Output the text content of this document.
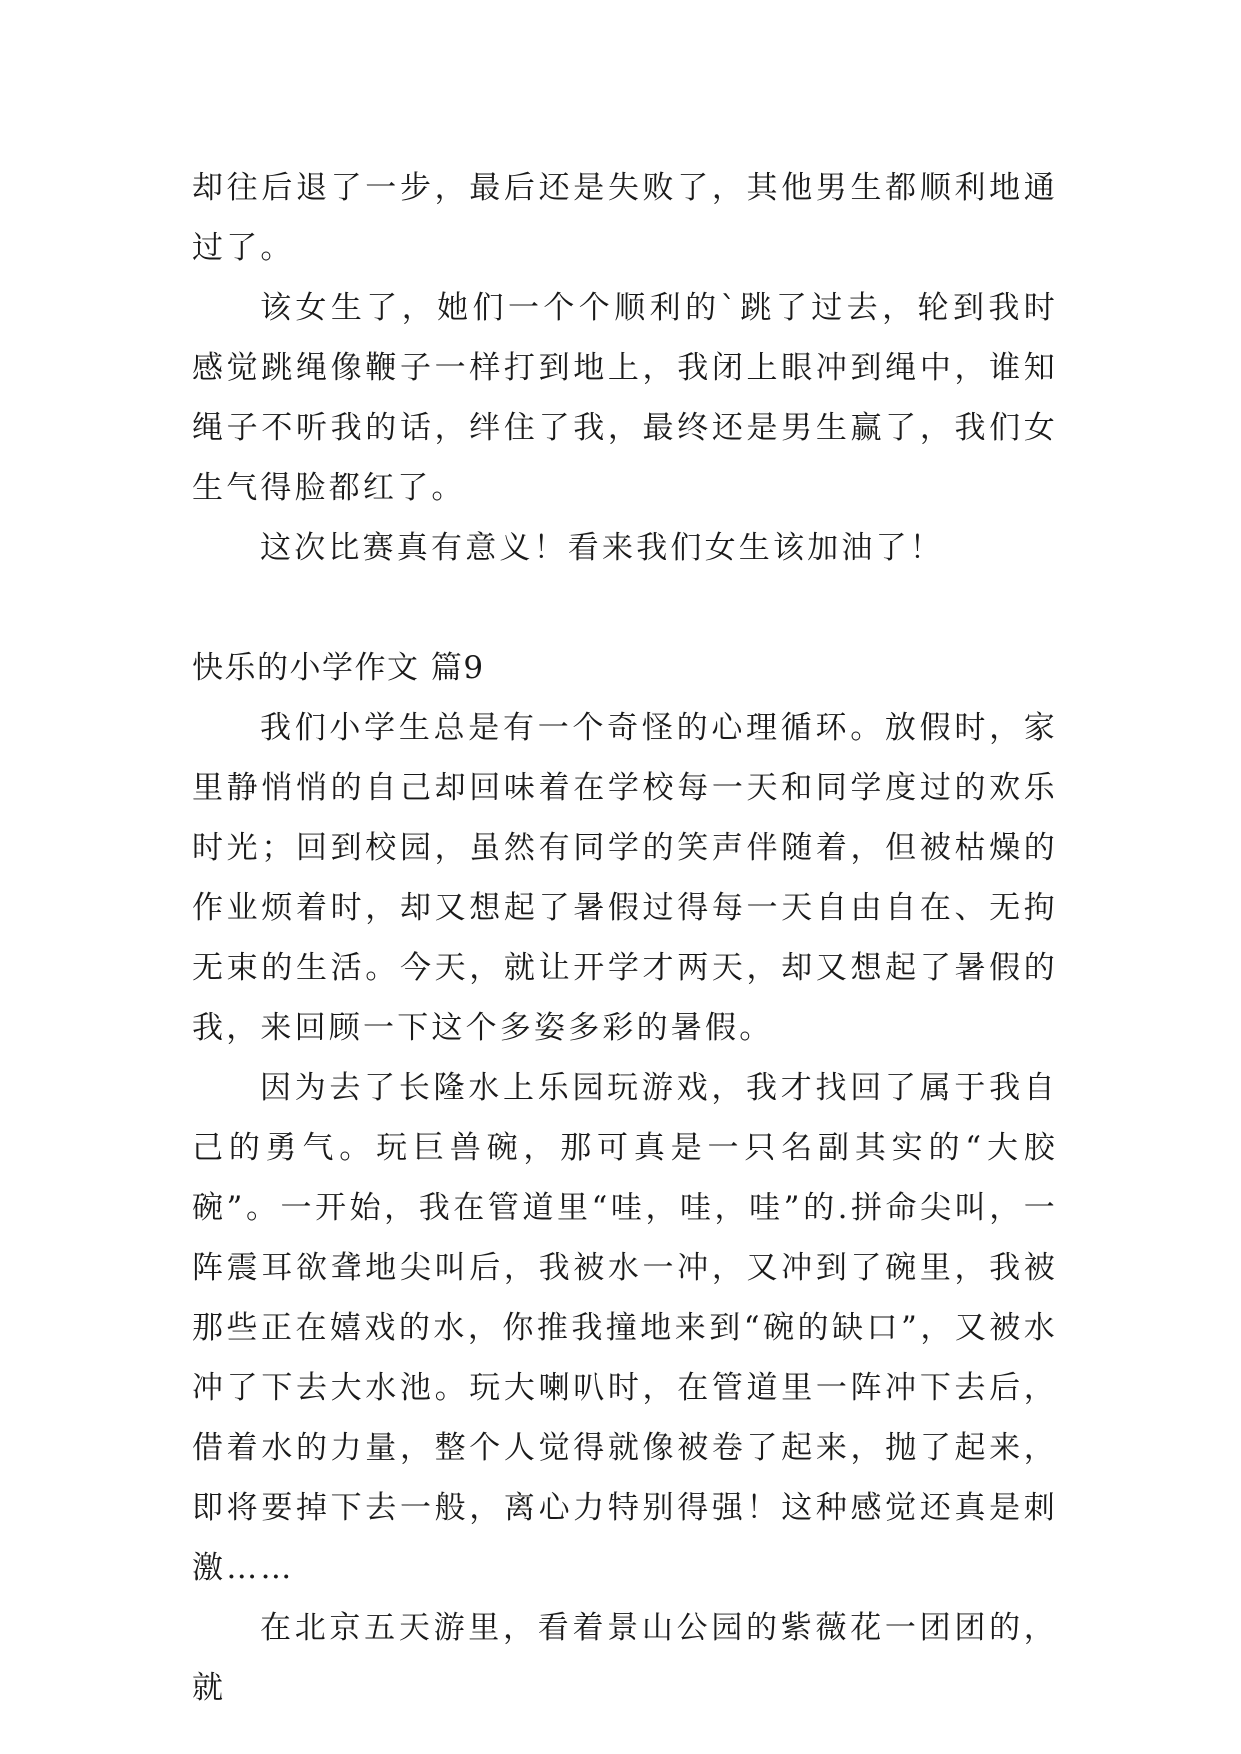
却往后退了一步，最后还是失败了，其他男生都顺利地通过了。

该女生了，她们一个个顺利的`跳了过去，轮到我时感觉跳绳像鞭子一样打到地上，我闭上眼冲到绳中，谁知绳子不听我的话，绊住了我，最终还是男生赢了，我们女生气得脸都红了。

这次比赛真有意义！看来我们女生该加油了！

快乐的小学作文 篇9

我们小学生总是有一个奇怪的心理循环。放假时，家里静悄悄的自己却回味着在学校每一天和同学度过的欢乐时光；回到校园，虽然有同学的笑声伴随着，但被枯燥的作业烦着时，却又想起了暑假过得每一天自由自在、无拘无束的生活。今天，就让开学才两天，却又想起了暑假的我，来回顾一下这个多姿多彩的暑假。

因为去了长隆水上乐园玩游戏，我才找回了属于我自己的勇气。玩巨兽碗，那可真是一只名副其实的“大胶碗”。一开始，我在管道里“哇，哇，哇”的.拼命尖叫，一阵震耳欲聋地尖叫后，我被水一冲，又冲到了碗里，我被那些正在嬉戏的水，你推我撞地来到“碗的缺口”，又被水冲了下去大水池。玩大喇叭时，在管道里一阵冲下去后，借着水的力量，整个人觉得就像被卷了起来，抛了起来，即将要掉下去一般，离心力特别得强！这种感觉还真是刺激……

在北京五天游里，看着景山公园的紫薇花一团团的，就
